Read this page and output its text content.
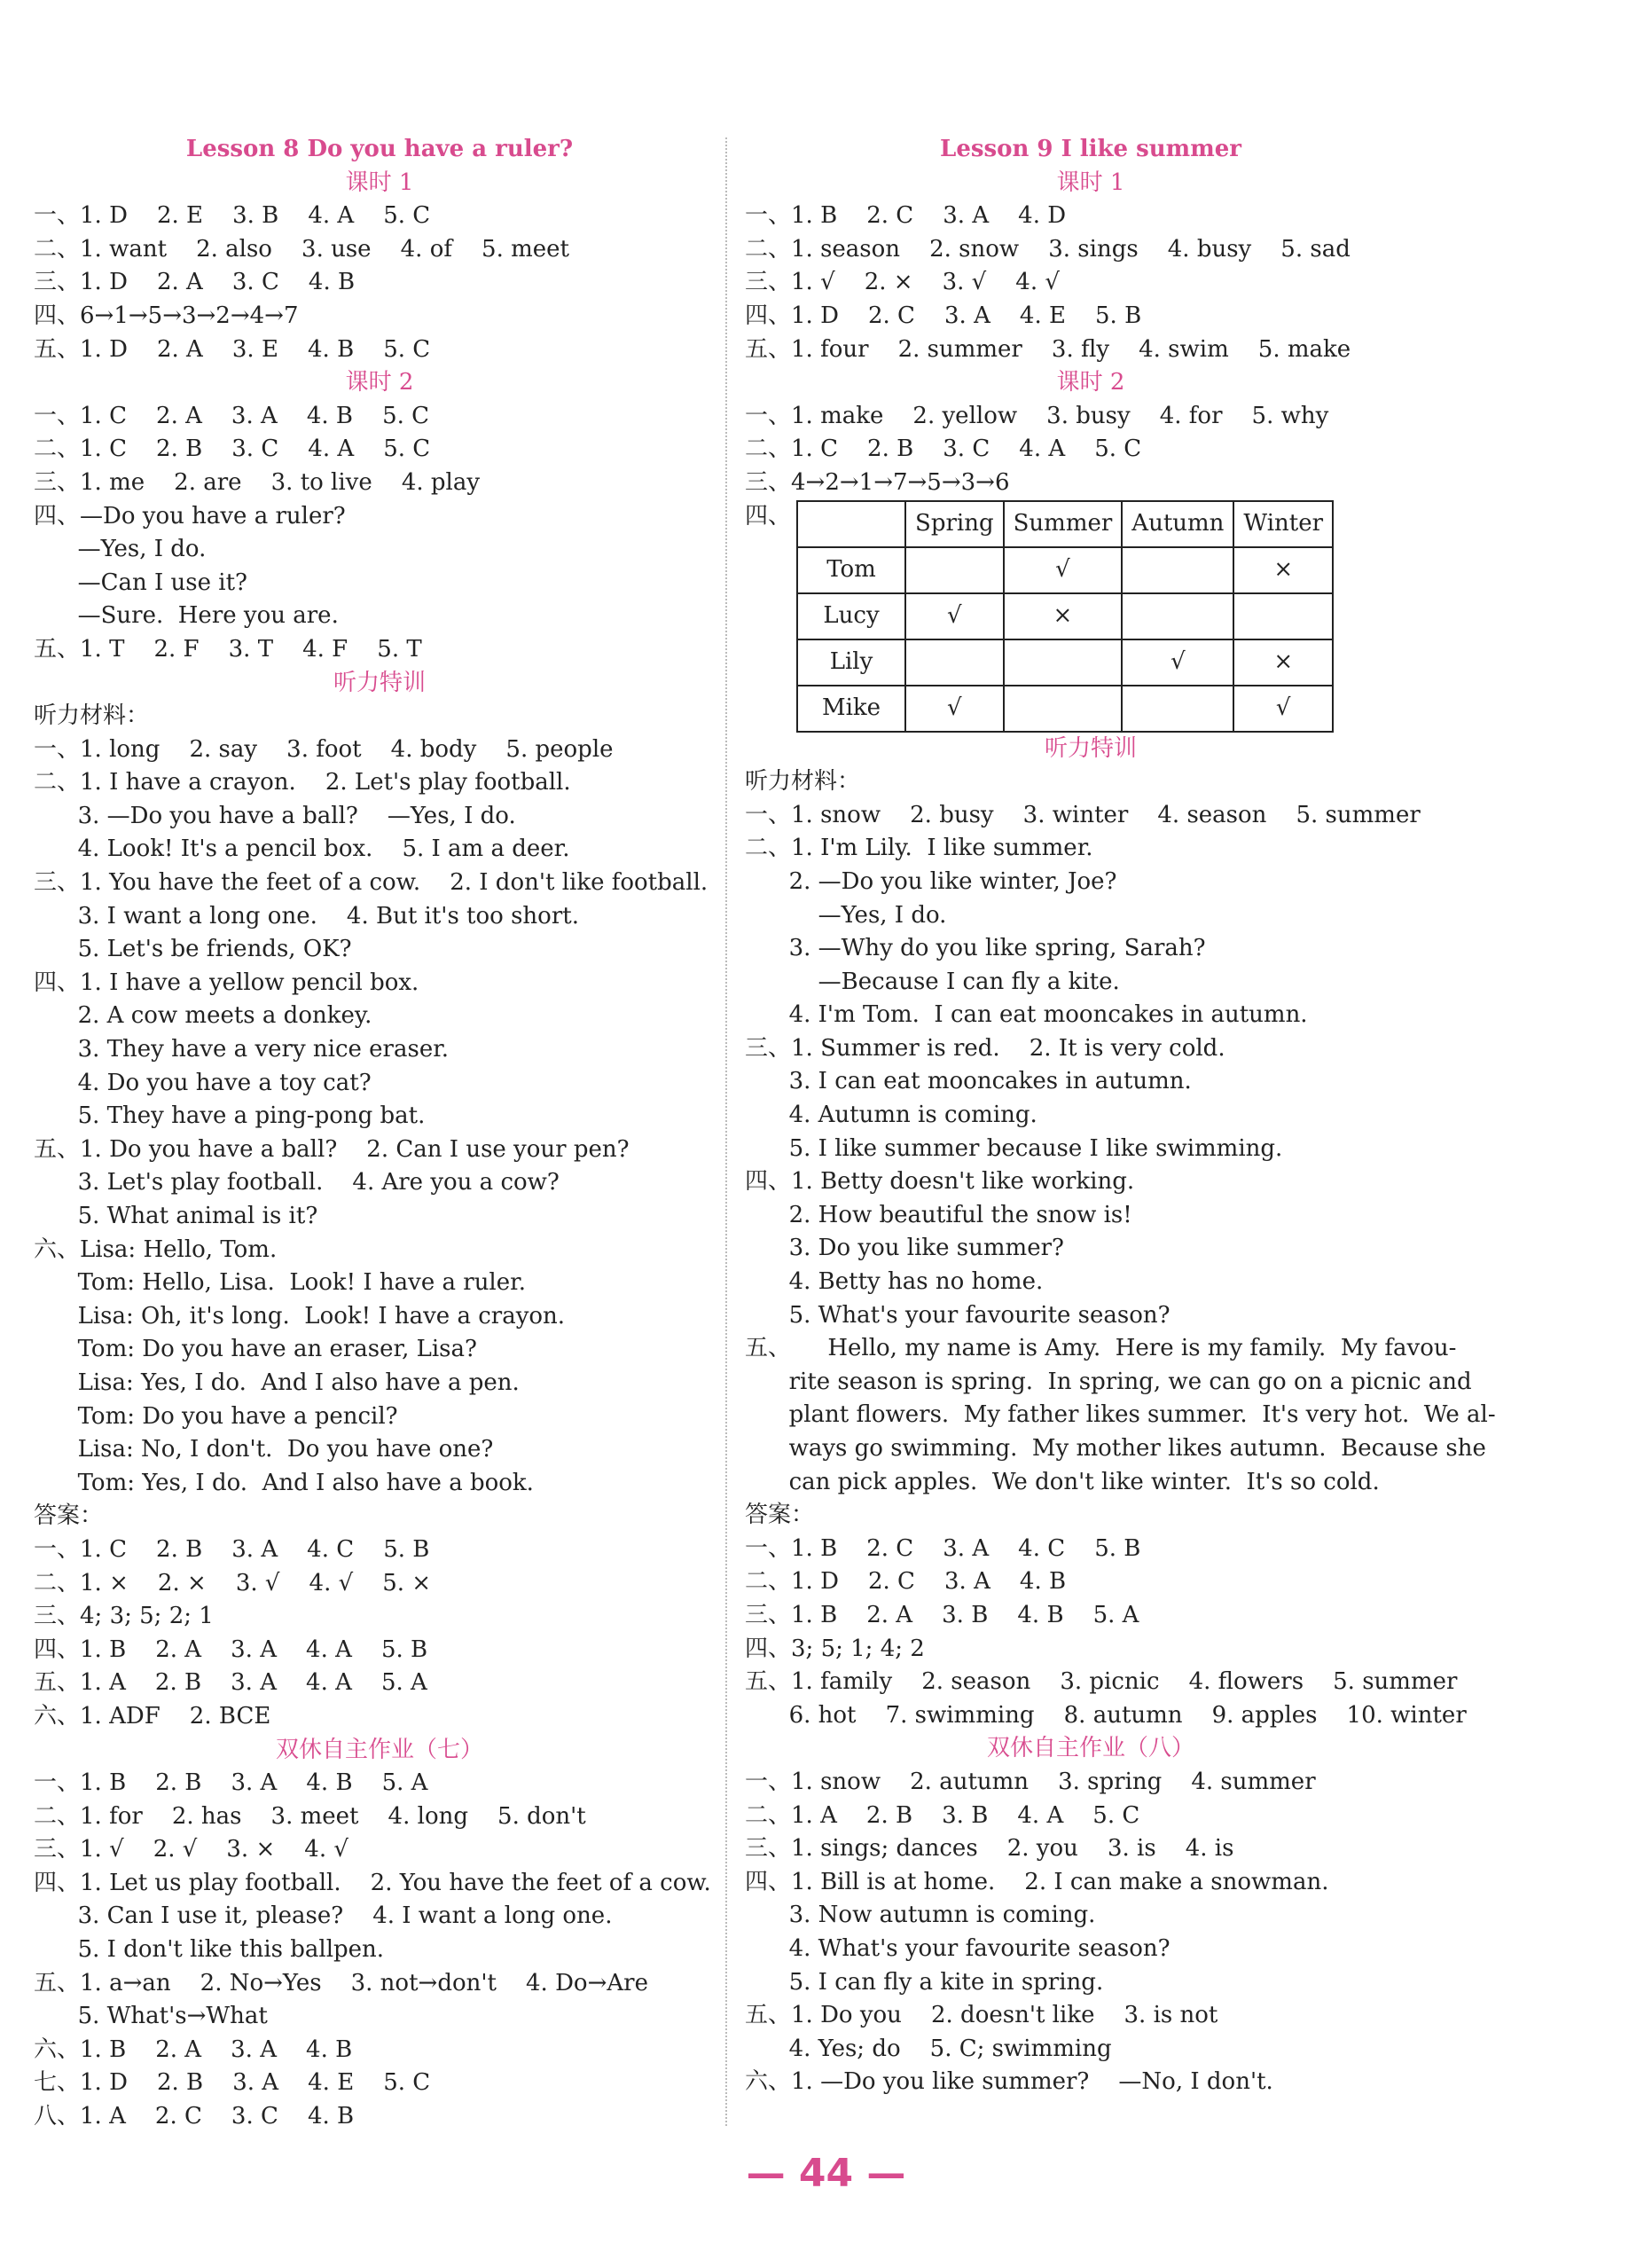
Lesson 8 Do you have a ruler?
课时 1
一、1. D    2. E    3. B    4. A    5. C
二、1. want    2. also    3. use    4. of    5. meet
三、1. D    2. A    3. C    4. B
四、6→1→5→3→2→4→7
五、1. D    2. A    3. E    4. B    5. C
课时 2
一、1. C    2. A    3. A    4. B    5. C
二、1. C    2. B    3. C    4. A    5. C
三、1. me    2. are    3. to live    4. play
四、—Do you have a ruler?
—Yes, I do.
—Can I use it?
—Sure.  Here you are.
五、1. T    2. F    3. T    4. F    5. T
听力特训
听力材料：
一、1. long    2. say    3. foot    4. body    5. people
二、1. I have a crayon.    2. Let's play football.
3. —Do you have a ball?    —Yes, I do.
4. Look! It's a pencil box.    5. I am a deer.
三、1. You have the feet of a cow.    2. I don't like football.
3. I want a long one.    4. But it's too short.
5. Let's be friends, OK?
四、1. I have a yellow pencil box.
2. A cow meets a donkey.
3. They have a very nice eraser.
4. Do you have a toy cat?
5. They have a ping-pong bat.
五、1. Do you have a ball?    2. Can I use your pen?
3. Let's play football.    4. Are you a cow?
5. What animal is it?
六、Lisa: Hello, Tom.
Tom: Hello, Lisa.  Look! I have a ruler.
Lisa: Oh, it's long.  Look! I have a crayon.
Tom: Do you have an eraser, Lisa?
Lisa: Yes, I do.  And I also have a pen.
Tom: Do you have a pencil?
Lisa: No, I don't.  Do you have one?
Tom: Yes, I do.  And I also have a book.
答案：
一、1. C    2. B    3. A    4. C    5. B
二、1. ×    2. ×    3. √    4. √    5. ×
三、4; 3; 5; 2; 1
四、1. B    2. A    3. A    4. A    5. B
五、1. A    2. B    3. A    4. A    5. A
六、1. ADF    2. BCE
双休自主作业（七）
一、1. B    2. B    3. A    4. B    5. A
二、1. for    2. has    3. meet    4. long    5. don't
三、1. √    2. √    3. ×    4. √
四、1. Let us play football.    2. You have the feet of a cow.
3. Can I use it, please?    4. I want a long one.
5. I don't like this ballpen.
五、1. a→an    2. No→Yes    3. not→don't    4. Do→Are
5. What's→What
六、1. B    2. A    3. A    4. B
七、1. D    2. B    3. A    4. E    5. C
八、1. A    2. C    3. C    4. B
Lesson 9 I like summer
课时 1
一、1. B    2. C    3. A    4. D
二、1. season    2. snow    3. sings    4. busy    5. sad
三、1. √    2. ×    3. √    4. √
四、1. D    2. C    3. A    4. E    5. B
五、1. four    2. summer    3. fly    4. swim    5. make
课时 2
一、1. make    2. yellow    3. busy    4. for    5. why
二、1. C    2. B    3. C    4. A    5. C
三、4→2→1→7→5→3→6
四、
		Spring	Summer	Autumn	Winter
Tom		√		×
Lucy	√	×		
Lily			√	×
Mike	√			√
听力特训
听力材料：
一、1. snow    2. busy    3. winter    4. season    5. summer
二、1. I'm Lily.  I like summer.
2. —Do you like winter, Joe?
—Yes, I do.
3. —Why do you like spring, Sarah?
—Because I can fly a kite.
4. I'm Tom.  I can eat mooncakes in autumn.
三、1. Summer is red.    2. It is very cold.
3. I can eat mooncakes in autumn.
4. Autumn is coming.
5. I like summer because I like swimming.
四、1. Betty doesn't like working.
2. How beautiful the snow is!
3. Do you like summer?
4. Betty has no home.
5. What's your favourite season?
五、     Hello, my name is Amy.  Here is my family.  My favou-
rite season is spring.  In spring, we can go on a picnic and
plant flowers.  My father likes summer.  It's very hot.  We al-
ways go swimming.  My mother likes autumn.  Because she
can pick apples.  We don't like winter.  It's so cold.
答案：
一、1. B    2. C    3. A    4. C    5. B
二、1. D    2. C    3. A    4. B
三、1. B    2. A    3. B    4. B    5. A
四、3; 5; 1; 4; 2
五、1. family    2. season    3. picnic    4. flowers    5. summer
6. hot    7. swimming    8. autumn    9. apples    10. winter
双休自主作业（八）
一、1. snow    2. autumn    3. spring    4. summer
二、1. A    2. B    3. B    4. A    5. C
三、1. sings; dances    2. you    3. is    4. is
四、1. Bill is at home.    2. I can make a snowman.
3. Now autumn is coming.
4. What's your favourite season?
5. I can fly a kite in spring.
五、1. Do you    2. doesn't like    3. is not
4. Yes; do    5. C; swimming
六、1. —Do you like summer?    —No, I don't.
— 44 —
